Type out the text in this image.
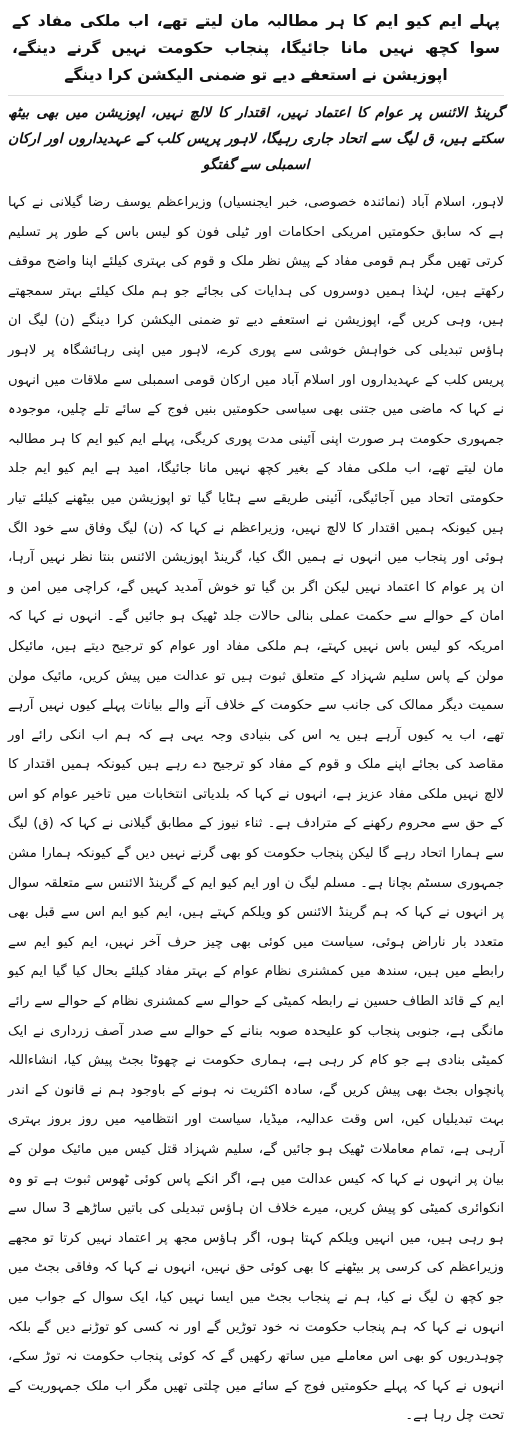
پہلے ایم کیو ایم کا ہر مطالبہ مان لیتے تھے، اب ملکی مفاد کے سوا کچھ نہیں مانا جائیگا، پنجاب حکومت نہیں گرنے دینگے، اپوزیشن نے استعفے دیے تو ضمنی الیکشن کرا دینگے
گرینڈ الائنس پر عوام کا اعتماد نہیں، اقتدار کا لالچ نہیں، اپوزیشن میں بھی بیٹھ سکتے ہیں، ق لیگ سے اتحاد جاری رہیگا، لاہور پریس کلب کے عہدیداروں اور ارکان اسمبلی سے گفتگو

لاہور، اسلام آباد (نمائندہ خصوصی، خبر ایجنسیاں) وزیراعظم یوسف رضا گیلانی نے کہا ہے کہ سابق حکومتیں امریکی احکامات اور ٹیلی فون کو لیس باس کے طور پر تسلیم کرتی تھیں مگر ہم قومی مفاد کے پیش نظر ملک و قوم کی بہتری کیلئے اپنا واضح موقف رکھتے ہیں، لہٰذا ہمیں دوسروں کی ہدایات کی بجائے جو ہم ملک کیلئے بہتر سمجھتے ہیں، وہی کریں گے، اپوزیشن نے استعفے دیے تو ضمنی الیکشن کرا دینگے (ن) لیگ ان ہاؤس تبدیلی کی خواہش خوشی سے پوری کرے، لاہور میں اپنی رہائشگاہ پر لاہور پریس کلب کے عہدیداروں اور اسلام آباد میں ارکان قومی اسمبلی سے ملاقات میں انہوں نے کہا کہ ماضی میں جتنی بھی سیاسی حکومتیں بنیں فوج کے سائے تلے چلیں، موجودہ جمہوری حکومت ہر صورت اپنی آئینی مدت پوری کریگی، پہلے ایم کیو ایم کا ہر مطالبہ مان لیتے تھے، اب ملکی مفاد کے بغیر کچھ نہیں مانا جائیگا، امید ہے ایم کیو ایم جلد حکومتی اتحاد میں آجائیگی، آئینی طریقے سے ہٹایا گیا تو اپوزیشن میں بیٹھنے کیلئے تیار ہیں کیونکہ ہمیں اقتدار کا لالچ نہیں، وزیراعظم نے کہا کہ (ن) لیگ وفاق سے خود الگ ہوئی اور پنجاب میں انہوں نے ہمیں الگ کیا، گرینڈ اپوزیشن الائنس بنتا نظر نہیں آرہا، ان پر عوام کا اعتماد نہیں لیکن اگر بن گیا تو خوش آمدید کہیں گے، کراچی میں امن و امان کے حوالے سے حکمت عملی بنالی حالات جلد ٹھیک ہو جائیں گے۔ انہوں نے کہا کہ امریکہ کو لیس باس نہیں کہتے، ہم ملکی مفاد اور عوام کو ترجیح دیتے ہیں، مائیکل مولن کے پاس سلیم شہزاد کے متعلق ثبوت ہیں تو عدالت میں پیش کریں، مائیک مولن سمیت دیگر ممالک کی جانب سے حکومت کے خلاف آنے والے بیانات پہلے کیوں نہیں آرہے تھے، اب یہ کیوں آرہے ہیں یہ اس کی بنیادی وجہ یہی ہے کہ ہم اب انکی رائے اور مقاصد کی بجائے اپنے ملک و قوم کے مفاد کو ترجیح دے رہے ہیں کیونکہ ہمیں اقتدار کا لالچ نہیں ملکی مفاد عزیز ہے، انہوں نے کہا کہ بلدیاتی انتخابات میں تاخیر عوام کو اس کے حق سے محروم رکھنے کے مترادف ہے۔ ثناء نیوز کے مطابق گیلانی نے کہا کہ (ق) لیگ سے ہمارا اتحاد رہے گا لیکن پنجاب حکومت کو بھی گرنے نہیں دیں گے کیونکہ ہمارا مشن جمہوری سسٹم بچانا ہے۔ مسلم لیگ ن اور ایم کیو ایم کے گرینڈ الائنس سے متعلقہ سوال پر انہوں نے کہا کہ ہم گرینڈ الائنس کو ویلکم کہتے ہیں، ایم کیو ایم اس سے قبل بھی متعدد بار ناراض ہوئی، سیاست میں کوئی بھی چیز حرف آخر نہیں، ایم کیو ایم سے رابطے میں ہیں، سندھ میں کمشنری نظام عوام کے بہتر مفاد کیلئے بحال کیا گیا ایم کیو ایم کے قائد الطاف حسین نے رابطہ کمیٹی کے حوالے سے کمشنری نظام کے حوالے سے رائے مانگی ہے، جنوبی پنجاب کو علیحدہ صوبہ بنانے کے حوالے سے صدر آصف زرداری نے ایک کمیٹی بنادی ہے جو کام کر رہی ہے، ہماری حکومت نے چھوٹا بجٹ پیش کیا، انشاءاللہ پانچواں بجٹ بھی پیش کریں گے، سادہ اکثریت نہ ہونے کے باوجود ہم نے قانون کے اندر بہت تبدیلیاں کیں، اس وقت عدالیہ، میڈیا، سیاست اور انتظامیہ میں روز بروز بہتری آرہی ہے، تمام معاملات ٹھیک ہو جائیں گے، سلیم شہزاد قتل کیس میں مائیک مولن کے بیان پر انہوں نے کہا کہ کیس عدالت میں ہے، اگر انکے پاس کوئی ٹھوس ثبوت ہے تو وہ انکوائری کمیٹی کو پیش کریں، میرے خلاف ان ہاؤس تبدیلی کی باتیں ساڑھے 3 سال سے ہو رہی ہیں، میں انہیں ویلکم کہتا ہوں، اگر ہاؤس مجھ پر اعتماد نہیں کرتا تو مجھے وزیراعظم کی کرسی پر بیٹھنے کا بھی کوئی حق نہیں، انہوں نے کہا کہ وفاقی بجٹ میں جو کچھ ن لیگ نے کیا، ہم نے پنجاب بجٹ میں ایسا نہیں کیا، ایک سوال کے جواب میں انہوں نے کہا کہ ہم پنجاب حکومت نہ خود توڑیں گے اور نہ کسی کو توڑنے دیں گے بلکہ چوہدریوں کو بھی اس معاملے میں ساتھ رکھیں گے کہ کوئی پنجاب حکومت نہ توڑ سکے، انہوں نے کہا کہ پہلے حکومتیں فوج کے سائے میں چلتی تھیں مگر اب ملک جمہوریت کے تحت چل رہا ہے۔
